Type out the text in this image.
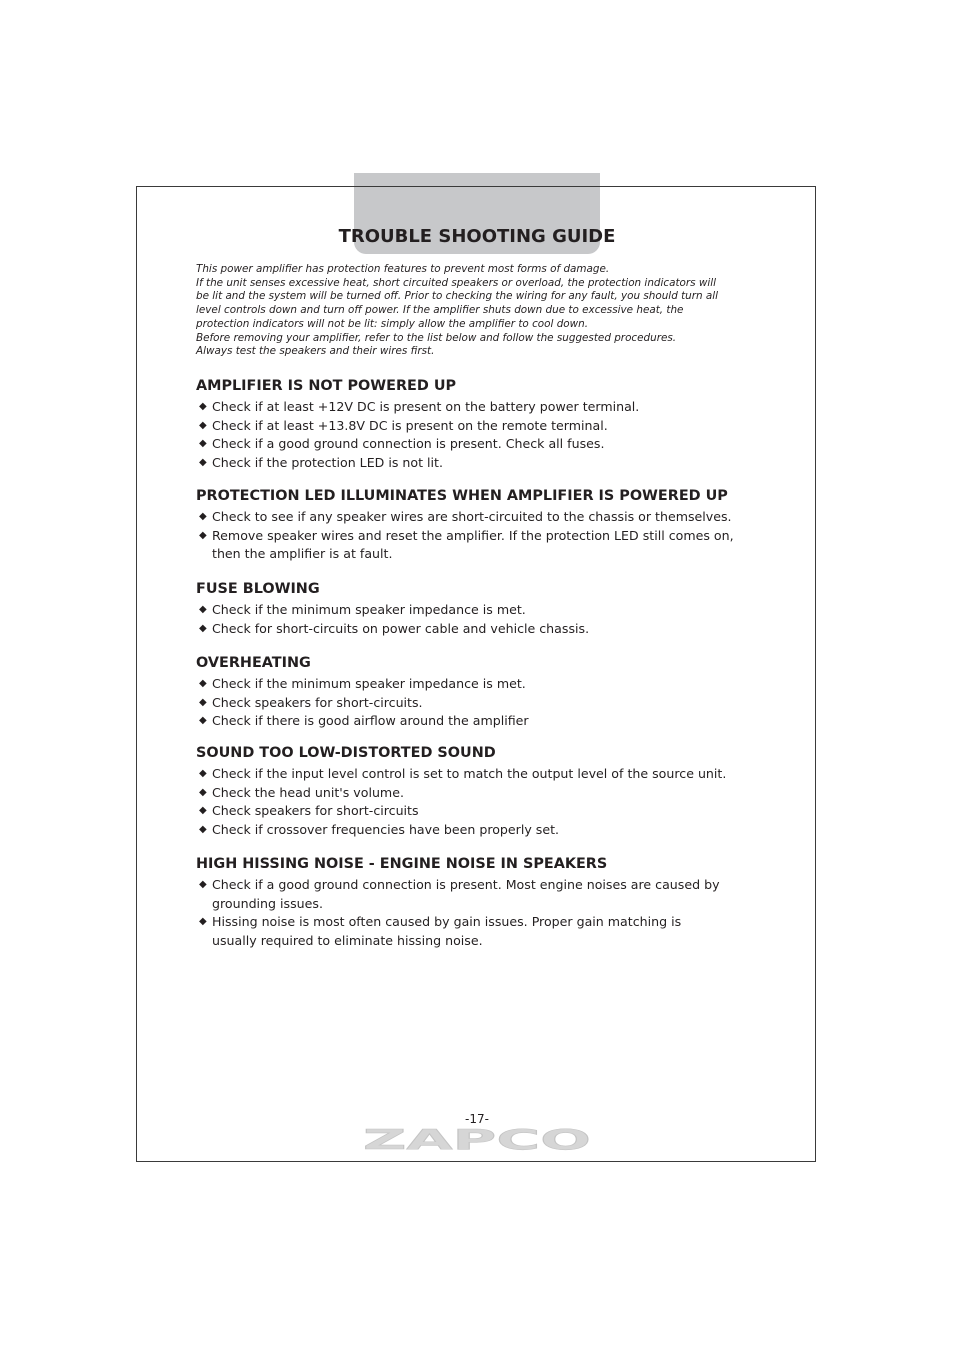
TROUBLE SHOOTING GUIDE
This power amplifier has protection features to prevent most forms of damage.
If the unit senses excessive heat, short circuited speakers or overload, the protection indicators will
be lit and the system will be turned off. Prior to checking the wiring for any fault, you should turn all
level controls down and turn off power. If the amplifier shuts down due to excessive heat, the
protection indicators will not be lit: simply allow the amplifier to cool down.
Before removing your amplifier, refer to the list below and follow the suggested procedures.
Always test the speakers and their wires first.
AMPLIFIER IS NOT POWERED UP
◆ Check if at least +12V DC is present on the battery power terminal.
◆ Check if at least +13.8V DC is present on the remote terminal.
◆ Check if a good ground connection is present. Check all fuses.
◆ Check if the protection LED is not lit.
PROTECTION LED ILLUMINATES WHEN AMPLIFIER IS POWERED UP
◆ Check to see if any speaker wires are short-circuited to the chassis or themselves.
◆ Remove speaker wires and reset the amplifier. If the protection LED still comes on,
then the amplifier is at fault.
FUSE BLOWING
◆ Check if the minimum speaker impedance is met.
◆ Check for short-circuits on power cable and vehicle chassis.
OVERHEATING
◆ Check if the minimum speaker impedance is met.
◆ Check speakers for short-circuits.
◆ Check if there is good airflow around the amplifier
SOUND TOO LOW-DISTORTED SOUND
◆ Check if the input level control is set to match the output level of the source unit.
◆ Check the head unit's volume.
◆ Check speakers for short-circuits
◆ Check if crossover frequencies have been properly set.
HIGH HISSING NOISE - ENGINE NOISE IN SPEAKERS
◆ Check if a good ground connection is present. Most engine noises are caused by
grounding issues.
◆ Hissing noise is most often caused by gain issues. Proper gain matching is
usually required to eliminate hissing noise.
-17-
ZAPCO
